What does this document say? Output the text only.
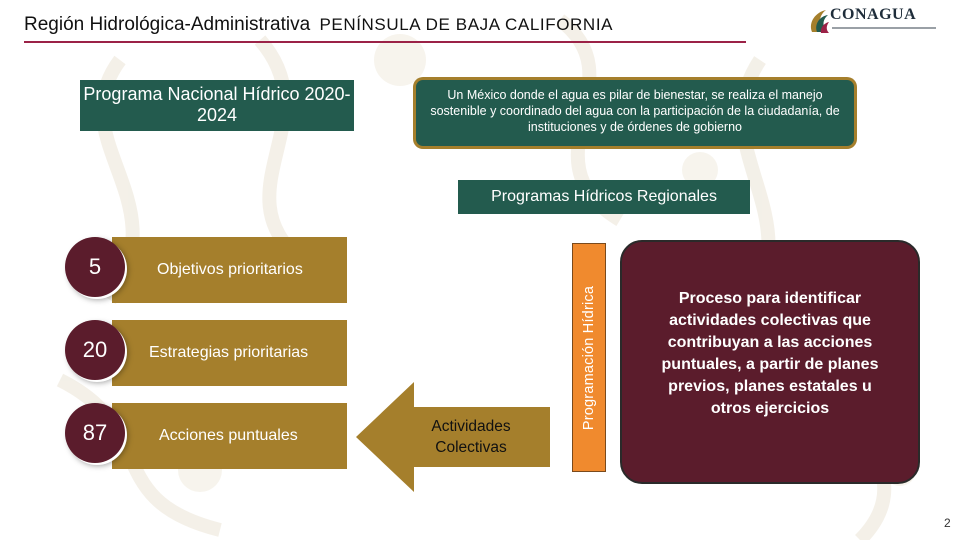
Región Hidrológica-Administrativa PENÍNSULA DE BAJA CALIFORNIA
CONAGUA
Programa Nacional Hídrico 2020-2024
Un México donde el agua es pilar de bienestar, se realiza el manejo sostenible y coordinado del agua con la participación de la ciudadanía, de instituciones y de órdenes de gobierno
Programas Hídricos Regionales
Objetivos prioritarios
Estrategias prioritarias
Acciones puntuales
5
20
87	Actividades Colectivas
Programación Hídrica	Proceso para identificar actividades colectivas que contribuyan a las acciones puntuales, a partir de planes previos, planes estatales u otros ejercicios
2
